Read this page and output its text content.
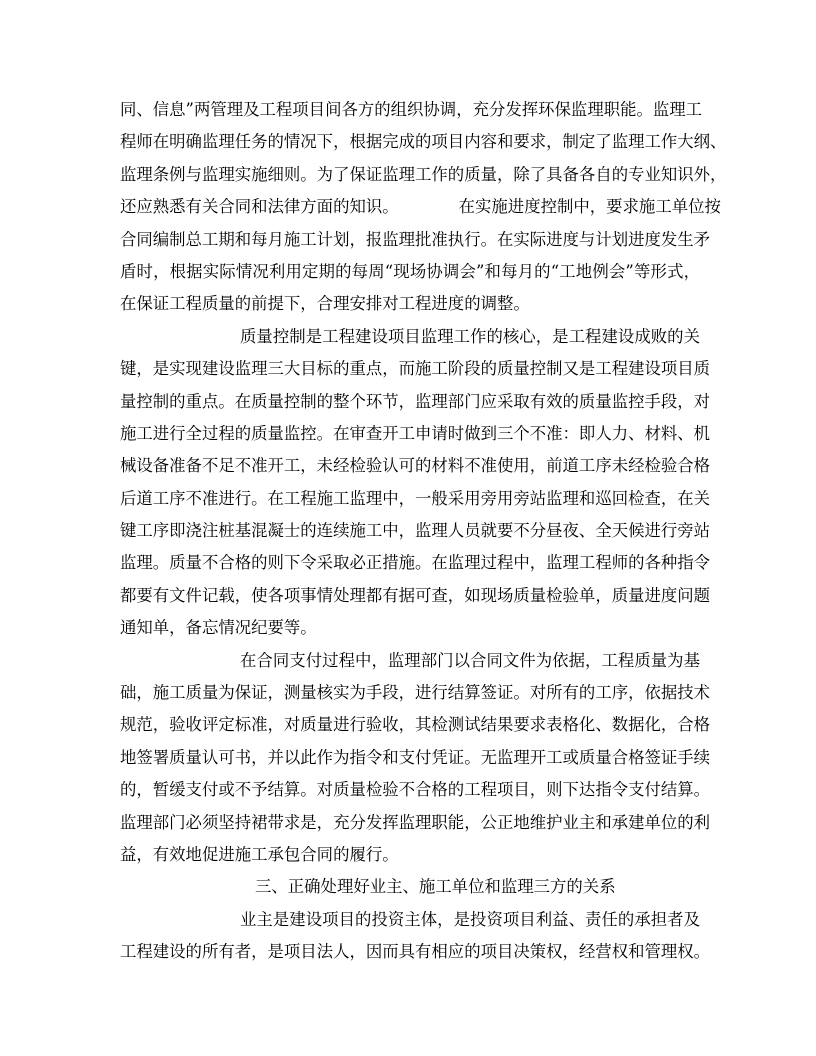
同、信息”两管理及工程项目间各方的组织协调，充分发挥环保监理职能。监理工
程师在明确监理任务的情况下，根据完成的项目内容和要求，制定了监理工作大纲、
监理条例与监理实施细则。为了保证监理工作的质量，除了具备各自的专业知识外，
还应熟悉有关合同和法律方面的知识。	在实施进度控制中，要求施工单位按
合同编制总工期和每月施工计划，报监理批准执行。在实际进度与计划进度发生矛
盾时，根据实际情况利用定期的每周“现场协调会”和每月的“工地例会”等形式，
在保证工程质量的前提下，合理安排对工程进度的调整。
质量控制是工程建设项目监理工作的核心，是工程建设成败的关
键，是实现建设监理三大目标的重点，而施工阶段的质量控制又是工程建设项目质
量控制的重点。在质量控制的整个环节，监理部门应采取有效的质量监控手段，对
施工进行全过程的质量监控。在审查开工申请时做到三个不准：即人力、材料、机
械设备准备不足不准开工，未经检验认可的材料不准使用，前道工序未经检验合格
后道工序不准进行。在工程施工监理中，一般采用旁用旁站监理和巡回检查，在关
键工序即浇注桩基混凝士的连续施工中，监理人员就要不分昼夜、全天候进行旁站
监理。质量不合格的则下令采取必正措施。在监理过程中，监理工程师的各种指令
都要有文件记载，使各项事情处理都有据可查，如现场质量检验单，质量进度问题
通知单，备忘情况纪要等。
在合同支付过程中，监理部门以合同文件为依据，工程质量为基
础，施工质量为保证，测量核实为手段，进行结算签证。对所有的工序，依据技术
规范，验收评定标准，对质量进行验收，其检测试结果要求表格化、数据化，合格
地签署质量认可书，并以此作为指令和支付凭证。无监理开工或质量合格签证手续
的，暂缓支付或不予结算。对质量检验不合格的工程项目，则下达指令支付结算。
监理部门必须坚持裙带求是，充分发挥监理职能，公正地维护业主和承建单位的利
益，有效地促进施工承包合同的履行。
三、正确处理好业主、施工单位和监理三方的关系
业主是建设项目的投资主体，是投资项目利益、责任的承担者及
工程建设的所有者，是项目法人，因而具有相应的项目决策权，经营权和管理权。
